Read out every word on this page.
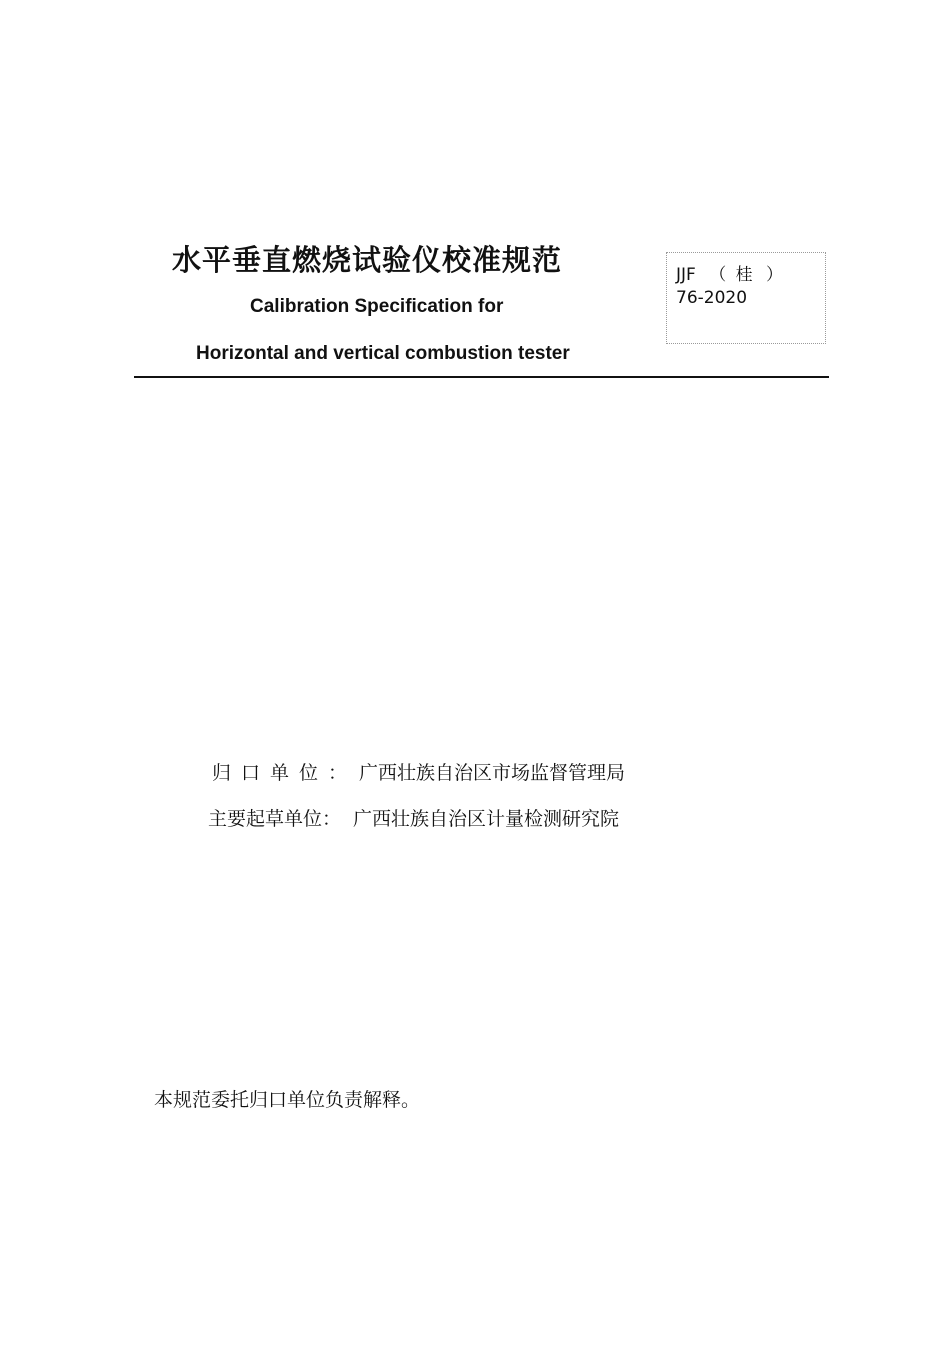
水平垂直燃烧试验仪校准规范
Calibration Specification for
Horizontal and vertical combustion tester
JJF （ 桂 ）
76-2020
归口单位： 广西壮族自治区市场监督管理局
主要起草单位： 广西壮族自治区计量检测研究院
本规范委托归口单位负责解释。
